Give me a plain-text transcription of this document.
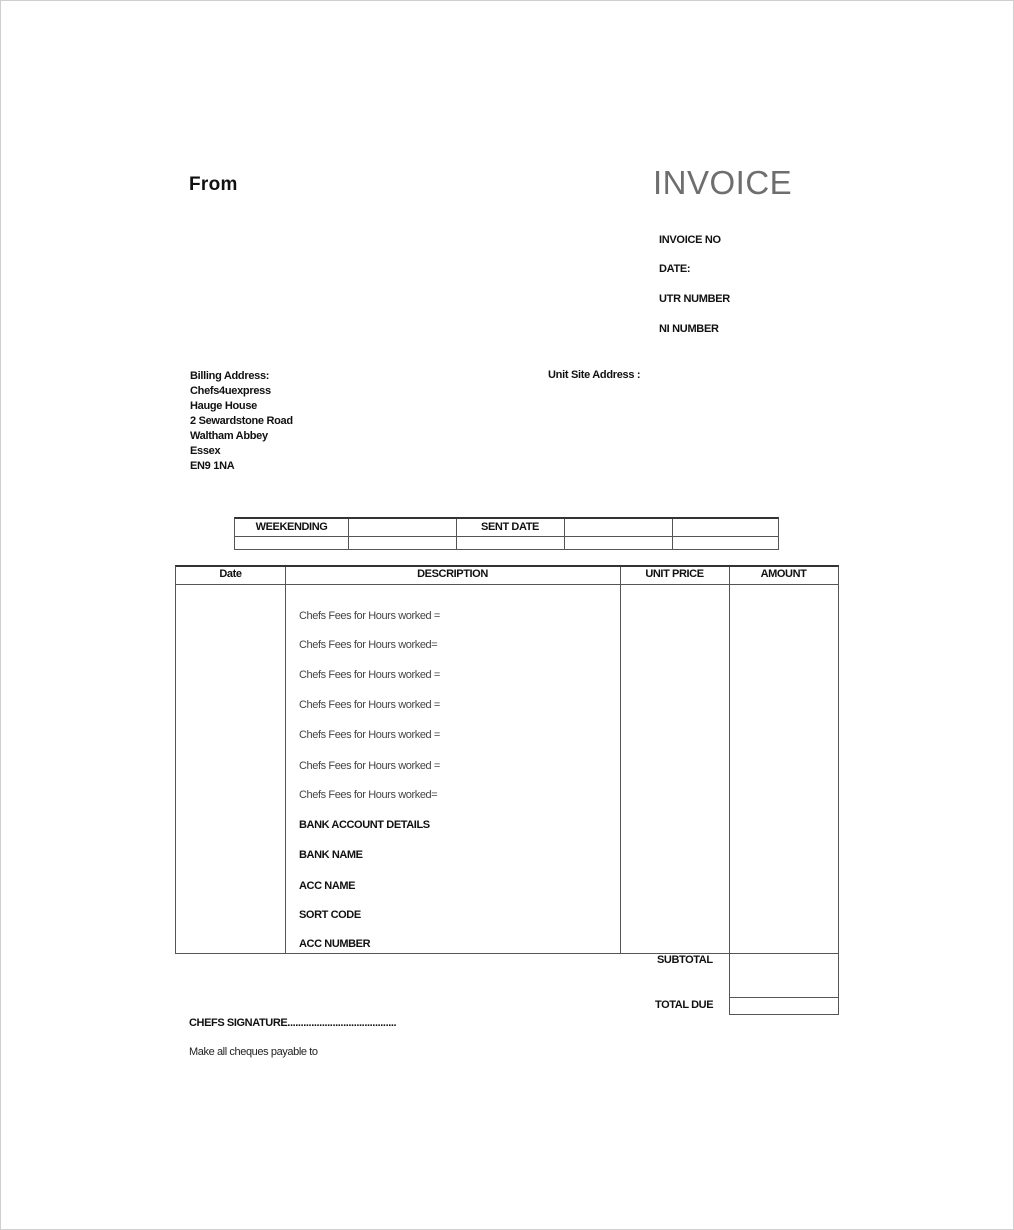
From	INVOICE
INVOICE NO
DATE:
UTR NUMBER
NI NUMBER
Billing Address:
Chefs4uexpress
Hauge House
2 Sewardstone Road
Waltham Abbey
Essex
EN9 1NA
Unit Site Address :
WEEKENDING	SENT DATE
Date	DESCRIPTION	UNIT PRICE	AMOUNT
Chefs Fees for Hours worked =
Chefs Fees for Hours worked=
Chefs Fees for Hours worked =
Chefs Fees for Hours worked =
Chefs Fees for Hours worked =
Chefs Fees for Hours worked =
Chefs Fees for Hours worked=
BANK ACCOUNT DETAILS
BANK NAME
ACC NAME
SORT CODE
ACC NUMBER
SUBTOTAL
TOTAL DUE
CHEFS SIGNATURE.........................................
Make all cheques payable to
